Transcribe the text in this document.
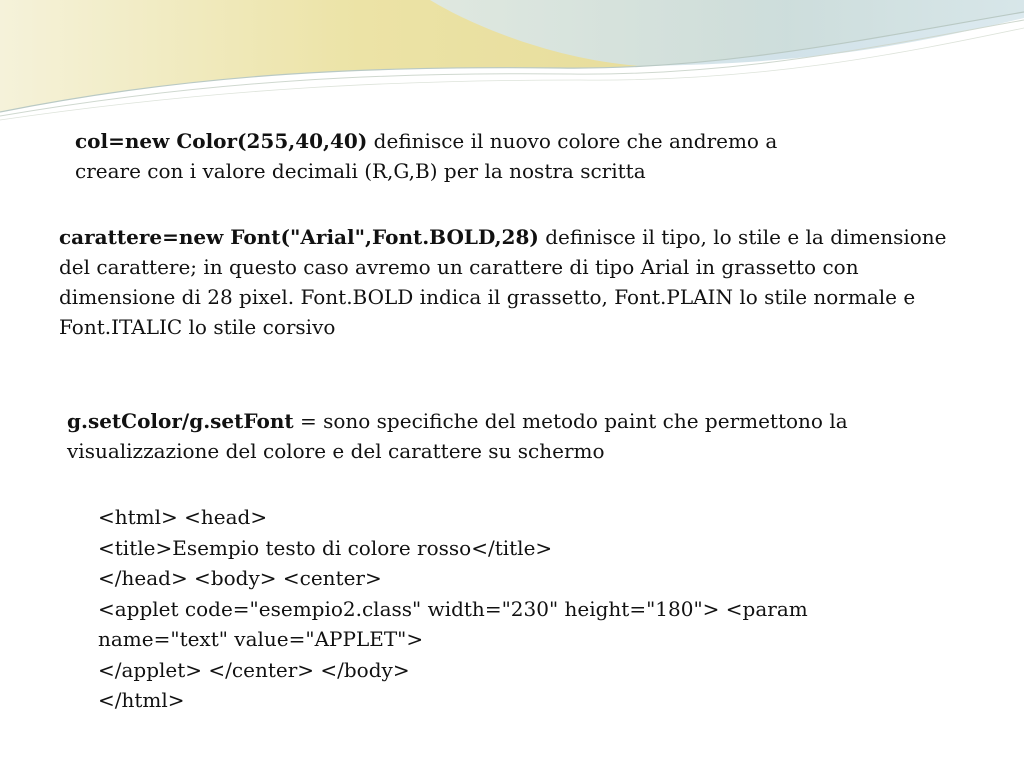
col=new Color(255,40,40) definisce il nuovo colore che andremo a creare con i valore decimali (R,G,B) per la nostra scritta

carattere=new Font("Arial",Font.BOLD,28) definisce il tipo, lo stile e la dimensione del carattere; in questo caso avremo un carattere di tipo Arial in grassetto con dimensione di 28 pixel. Font.BOLD indica il grassetto, Font.PLAIN lo stile normale e Font.ITALIC lo stile corsivo

g.setColor/g.setFont = sono specifiche del metodo paint che permettono la visualizzazione del colore e del carattere su schermo

<html> <head>
<title>Esempio testo di colore rosso</title>
</head> <body> <center>
<applet code="esempio2.class" width="230" height="180"> <param
name="text" value="APPLET">
</applet> </center> </body>
</html>
